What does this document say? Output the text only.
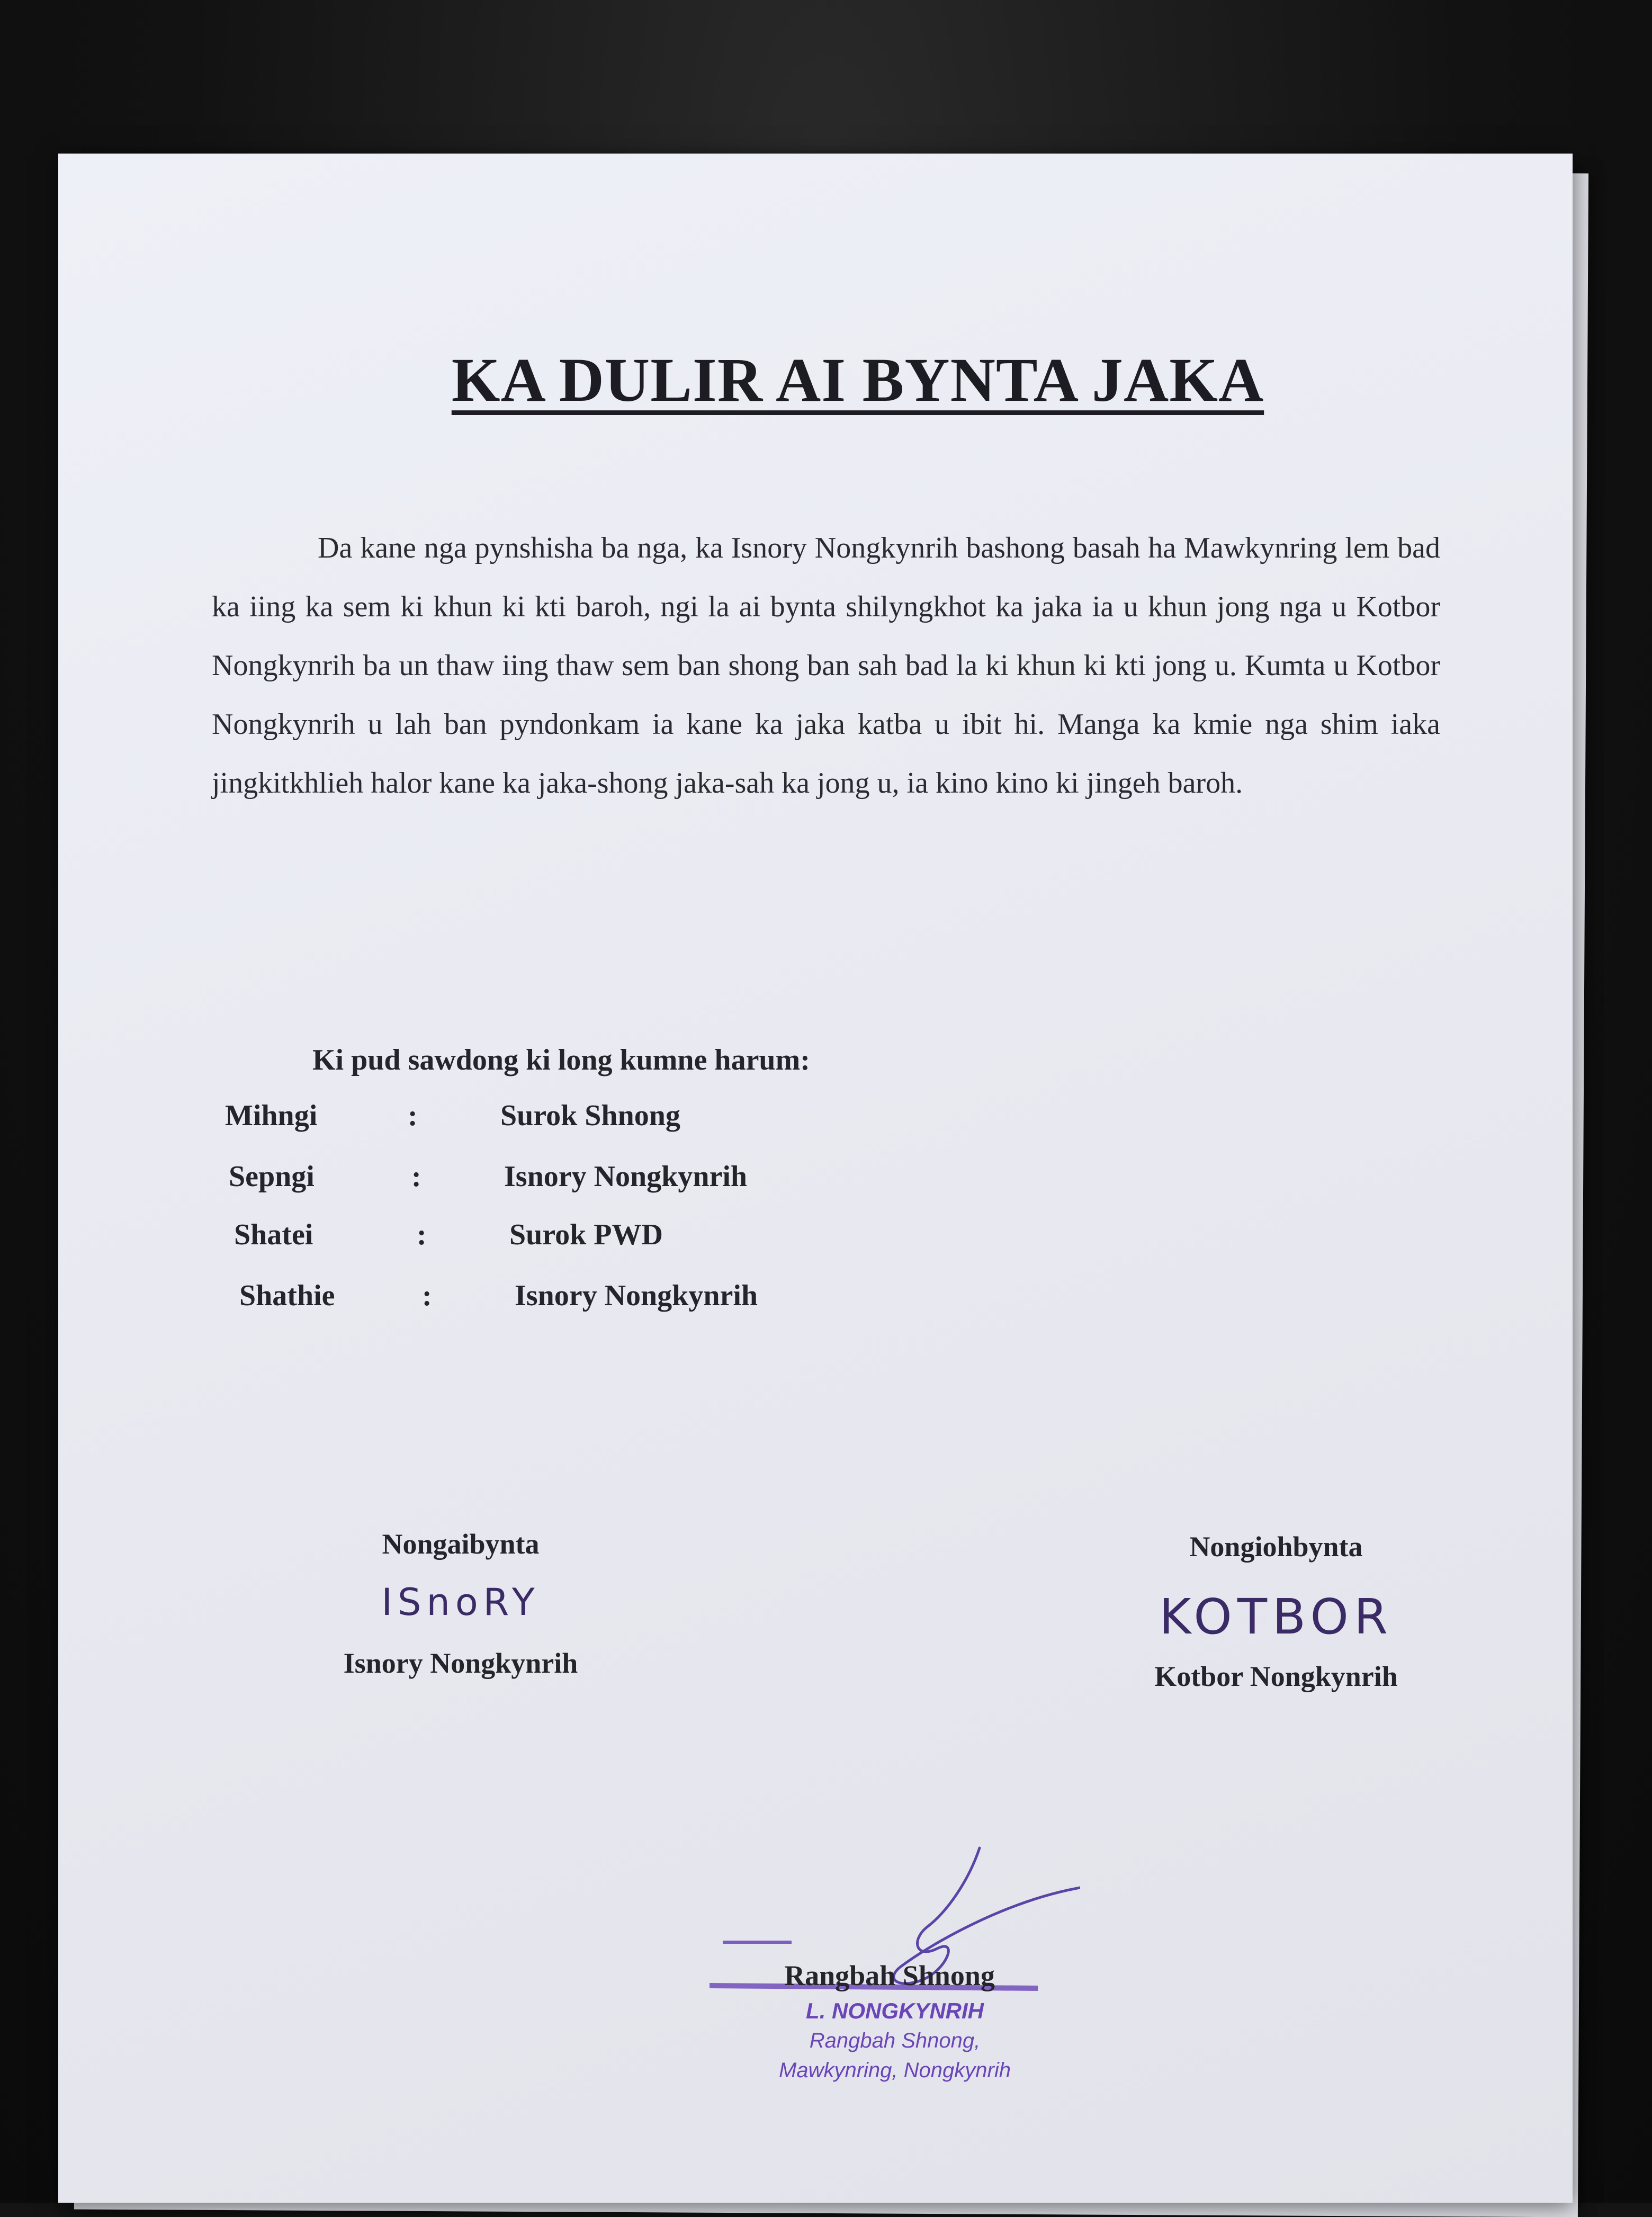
KA DULIR AI BYNTA JAKA
Da kane nga pynshisha ba nga, ka Isnory Nongkynrih bashong basah ha Mawkynring lem bad ka iing ka sem ki khun ki kti baroh, ngi la ai bynta shilyngkhot ka jaka ia u khun jong nga u Kotbor Nongkynrih ba un thaw iing thaw sem ban shong ban sah bad la ki khun ki kti jong u. Kumta u Kotbor Nongkynrih u lah ban pyndonkam ia kane ka jaka katba u ibit hi. Manga ka kmie nga shim iaka jingkitkhlieh halor kane ka jaka-shong jaka-sah ka jong u, ia kino kino ki jingeh baroh.
Ki pud sawdong ki long kumne harum:
Mihngi	:	Surok Shnong
Sepngi	:	Isnory Nongkynrih
Shatei	:	Surok PWD
Shathie	:	Isnory Nongkynrih
Nongaibynta
ISnoRY
Isnory Nongkynrih
Nongiohbynta
KOTBOR
Kotbor Nongkynrih
Rangbah Shnong
L. NONGKYNRIH
Rangbah Shnong,
Mawkynring, Nongkynrih
